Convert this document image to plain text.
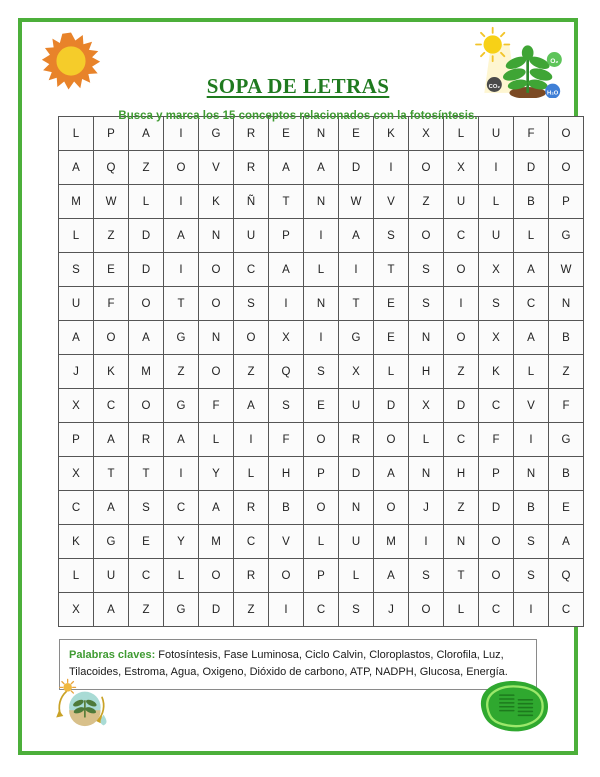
O₂
CO₂
H₂O
SOPA DE LETRAS
Busca y marca los 15 conceptos relacionados con la fotosíntesis.
L	P	A	I	G	R	E	N	E	K	X	L	U	F	O
A	Q	Z	O	V	R	A	A	D	I	O	X	I	D	O
M	W	L	I	K	Ñ	T	N	W	V	Z	U	L	B	P
L	Z	D	A	N	U	P	I	A	S	O	C	U	L	G
S	E	D	I	O	C	A	L	I	T	S	O	X	A	W
U	F	O	T	O	S	I	N	T	E	S	I	S	C	N
A	O	A	G	N	O	X	I	G	E	N	O	X	A	B
J	K	M	Z	O	Z	Q	S	X	L	H	Z	K	L	Z
X	C	O	G	F	A	S	E	U	D	X	D	C	V	F
P	A	R	A	L	I	F	O	R	O	L	C	F	I	G
X	T	T	I	Y	L	H	P	D	A	N	H	P	N	B
C	A	S	C	A	R	B	O	N	O	J	Z	D	B	E
K	G	E	Y	M	C	V	L	U	M	I	N	O	S	A
L	U	C	L	O	R	O	P	L	A	S	T	O	S	Q
X	A	Z	G	D	Z	I	C	S	J	O	L	C	I	C
Palabras claves: Fotosíntesis, Fase Luminosa, Ciclo Calvin, Cloroplastos, Clorofila, Luz, Tilacoides, Estroma, Agua, Oxigeno, Dióxido de carbono, ATP, NADPH, Glucosa, Energía.
